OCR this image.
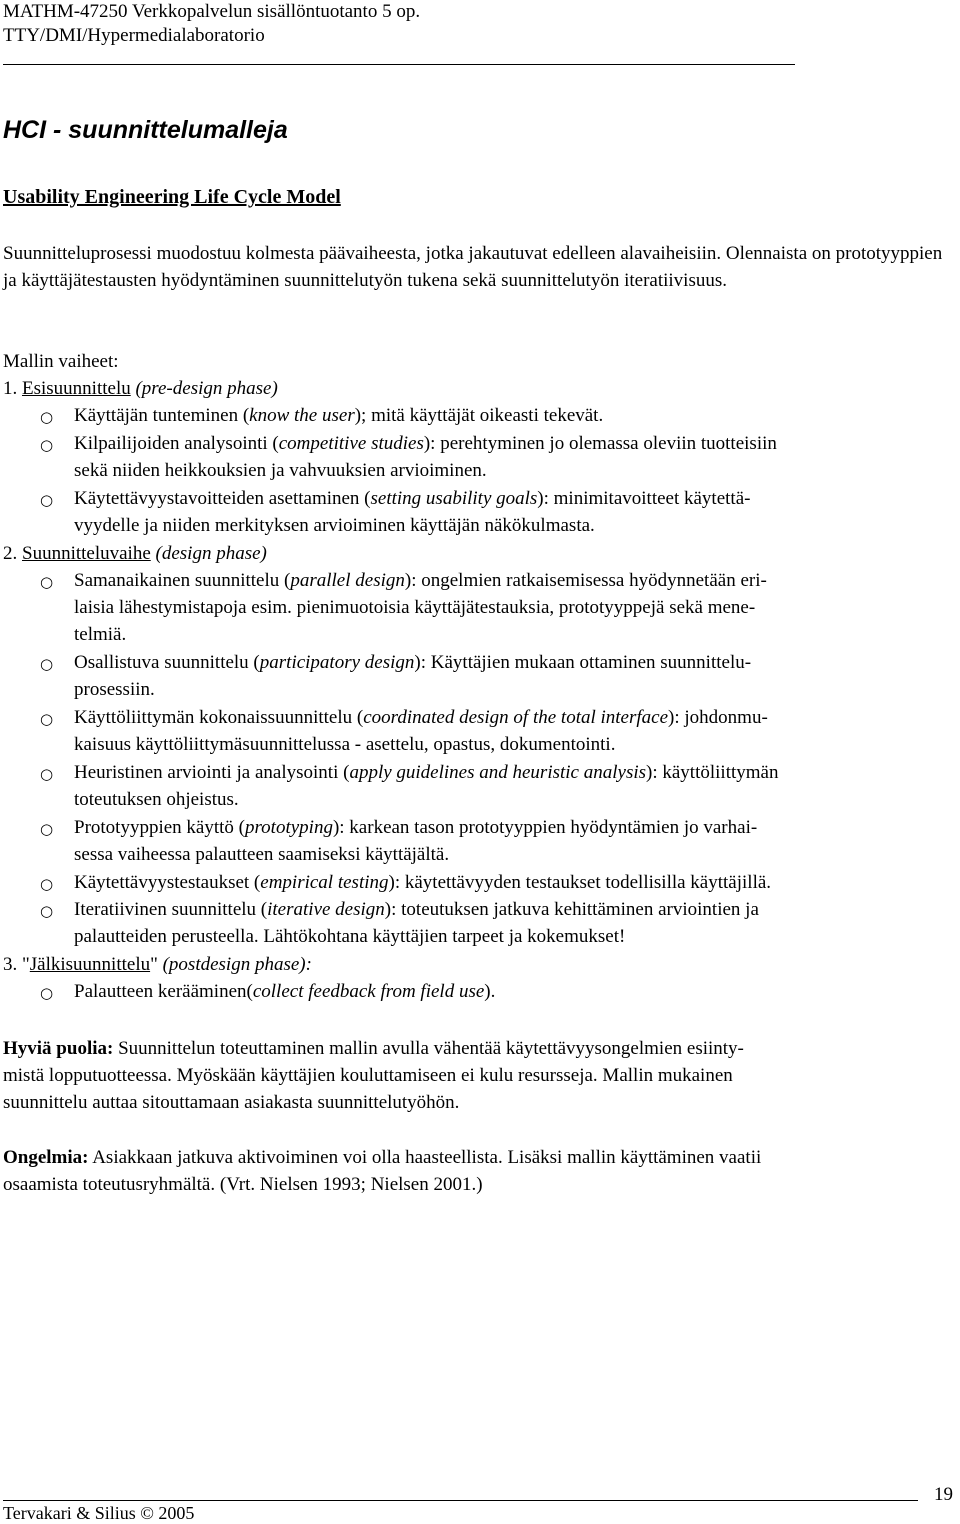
MATHM-47250 Verkkopalvelun sisällöntuotanto 5 op.
TTY/DMI/Hypermedialaboratorio
HCI - suunnittelumalleja
Usability Engineering Life Cycle Model
Suunnitteluprosessi muodostuu kolmesta päävaiheesta, jotka jakautuvat edelleen alavaiheisiin. Olennaista on prototyyppien ja käyttäjätestausten hyödyntäminen suunnittelutyön tukena sekä suunnittelutyön iteratiivisuus.
Mallin vaiheet:
1. Esisuunnittelu (pre-design phase)
○ Käyttäjän tunteminen (know the user); mitä käyttäjät oikeasti tekevät.
○ Kilpailijoiden analysointi (competitive studies): perehtyminen jo olemassa oleviin tuotteisiin
sekä niiden heikkouksien ja vahvuuksien arvioiminen.
○ Käytettävyystavoitteiden asettaminen (setting usability goals): minimitavoitteet käytettä-
vyydelle ja niiden merkityksen arvioiminen käyttäjän näkökulmasta.
2. Suunnitteluvaihe (design phase)
○ Samanaikainen suunnittelu (parallel design): ongelmien ratkaisemisessa hyödynnetään eri-
laisia lähestymistapoja esim. pienimuotoisia käyttäjätestauksia, prototyyppejä sekä mene-
telmiä.
○ Osallistuva suunnittelu (participatory design): Käyttäjien mukaan ottaminen suunnittelu-
prosessiin.
○ Käyttöliittymän kokonaissuunnittelu (coordinated design of the total interface): johdonmu-
kaisuus käyttöliittymäsuunnittelussa - asettelu, opastus, dokumentointi.
○ Heuristinen arviointi ja analysointi (apply guidelines and heuristic analysis): käyttöliittymän
toteutuksen ohjeistus.
○ Prototyyppien käyttö (prototyping): karkean tason prototyyppien hyödyntämien jo varhai-
sessa vaiheessa palautteen saamiseksi käyttäjältä.
○ Käytettävyystestaukset (empirical testing): käytettävyyden testaukset todellisilla käyttäjillä.
○ Iteratiivinen suunnittelu (iterative design): toteutuksen jatkuva kehittäminen arviointien ja
palautteiden perusteella. Lähtökohtana käyttäjien tarpeet ja kokemukset!
3. "Jälkisuunnittelu" (postdesign phase):
○ Palautteen kerääminen(collect feedback from field use).
Hyviä puolia: Suunnittelun toteuttaminen mallin avulla vähentää käytettävyysongelmien esiinty-
mistä lopputuotteessa. Myöskään käyttäjien kouluttamiseen ei kulu resursseja. Mallin mukainen
suunnittelu auttaa sitouttamaan asiakasta suunnittelutyöhön.
Ongelmia: Asiakkaan jatkuva aktivoiminen voi olla haasteellista. Lisäksi mallin käyttäminen vaatii
osaamista toteutusryhmältä. (Vrt. Nielsen 1993; Nielsen 2001.)
19
Tervakari & Silius © 2005
